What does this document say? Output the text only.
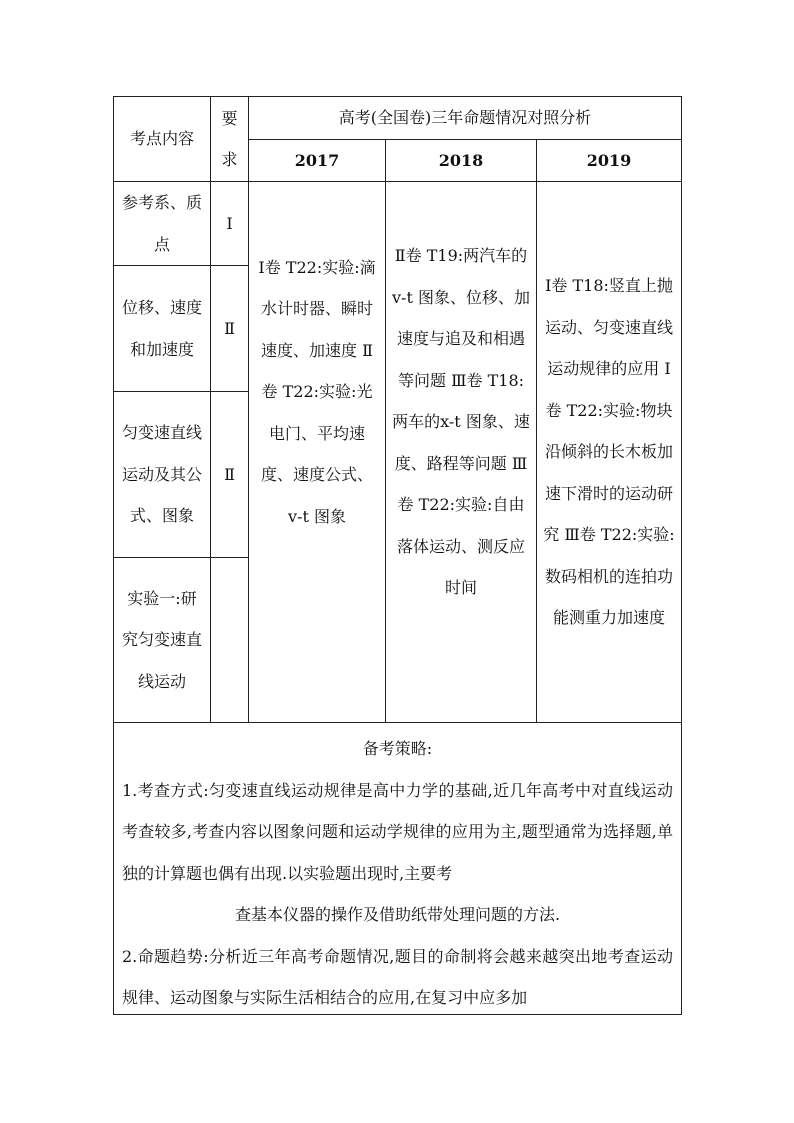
考点内容	要求	高考(全国卷)三年命题情况对照分析		
		2017	2018	2019
参考系、质点	Ⅰ	Ⅰ卷 T22:实验:滴水计时器、瞬时速度、加速度 Ⅱ卷 T22:实验:光电门、平均速度、速度公式、v-t 图象	Ⅱ卷 T19:两汽车的v-t 图象、位移、加速度与追及和相遇等问题 Ⅲ卷 T18:两车的x-t 图象、速度、路程等问题 Ⅲ卷 T22:实验:自由落体运动、测反应时间	Ⅰ卷 T18:竖直上抛运动、匀变速直线运动规律的应用 Ⅰ卷 T22:实验:物块沿倾斜的长木板加速下滑时的运动研究 Ⅲ卷 T22:实验:数码相机的连拍功能测重力加速度
位移、速度和加速度	Ⅱ			
匀变速直线运动及其公式、图象	Ⅱ			
实验一:研究匀变速直线运动				

备考策略:
1.考查方式:匀变速直线运动规律是高中力学的基础,近几年高考中对直线运动考查较多,考查内容以图象问题和运动学规律的应用为主,题型通常为选择题,单独的计算题也偶有出现.以实验题出现时,主要考
查基本仪器的操作及借助纸带处理问题的方法.
2.命题趋势:分析近三年高考命题情况,题目的命制将会越来越突出地考查运动规律、运动图象与实际生活相结合的应用,在复习中应多加				
